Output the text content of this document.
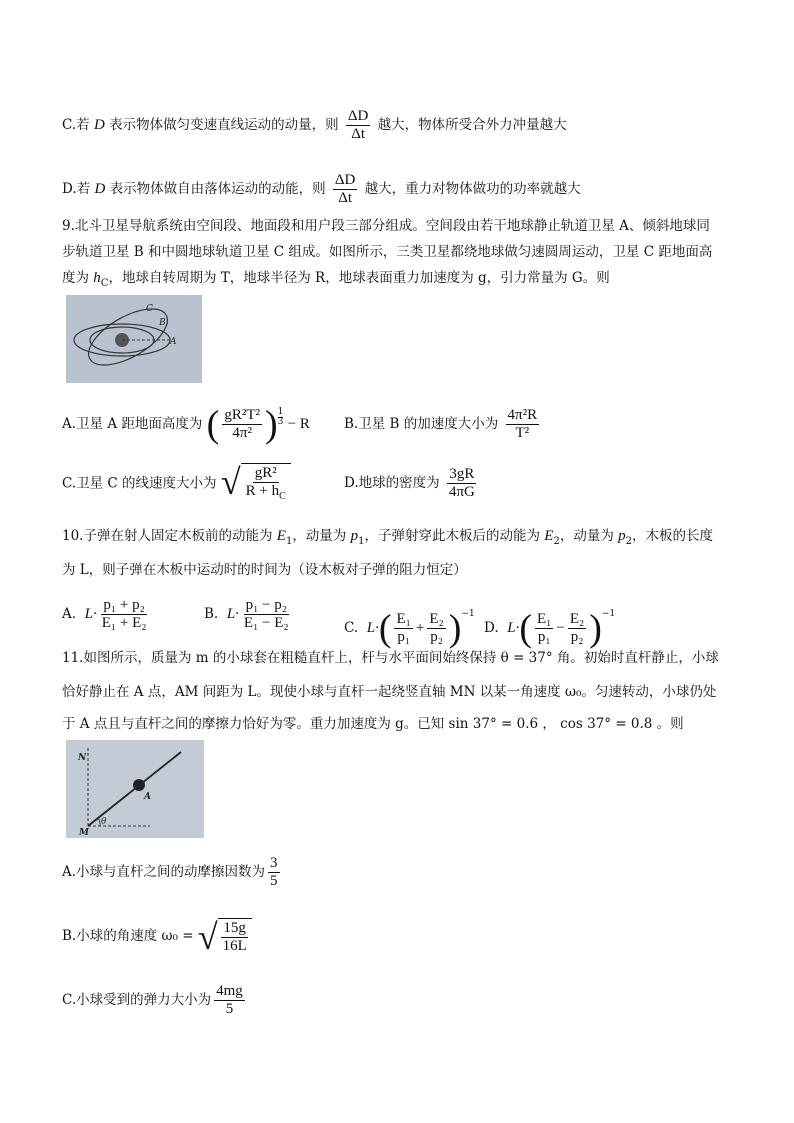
C.若 D 表示物体做匀变速直线运动的动量，则 $\frac{\Delta D}{\Delta t}$ 越大，物体所受合外力冲量越大
D.若 D 表示物体做自由落体运动的动能，则 $\frac{\Delta D}{\Delta t}$ 越大，重力对物体做功的功率就越大
9.北斗卫星导航系统由空间段、地面段和用户段三部分组成。空间段由若干地球静止轨道卫星 A、倾斜地球同
步轨道卫星 B 和中圆地球轨道卫星 C 组成。如图所示，三类卫星都绕地球做匀速圆周运动，卫星 C 距地面高
度为 $h_C$，地球自转周期为 T，地球半径为 R，地球表面重力加速度为 g，引力常量为 G。则
A
B
C
A.卫星 A 距地面高度为 ( $\frac{\text{gR²T²}}{\text{4π²}}$ ) $\frac{1}{3} - R$	B.卫星 B 的加速度大小为 $\frac{\text{4π²R}}{\text{T²}}$
C.卫星 C 的线速度大小为 √ $\frac{\text{gR²}}{R + h_C}$	D.地球的密度为 $\frac{3gR}{4\pi G}$
10.子弹在射人固定木板前的动能为 $E_1$，动量为 $p_1$，子弹射穿此木板后的动能为 $E_2$，动量为 $p_2$，木板的长度
为 L，则子弹在木板中运动时的时间为（设木板对子弹的阻力恒定）
A. $L\cdot \frac{\text{p₁ + p₂}}{\text{E₁ + E₂}}$	B. $L\cdot \frac{\text{p₁ − p₂}}{\text{E₁ − E₂}}$	C. $L\cdot( \frac{\text{E₁}}{\text{p₁}} + \frac{\text{E₂}}{\text{p₂}} )^{-1}$
D. $L\cdot( \frac{\text{E₁}}{\text{p₁}} - \frac{\text{E₂}}{\text{p₂}} )^{-1}$
11.如图所示，质量为 m 的小球套在粗糙直杆上，杆与水平面间始终保持 θ = 37° 角。初始时直杆静止，小球
恰好静止在 A 点，AM 间距为 L。现使小球与直杆一起绕竖直轴 MN 以某一角速度 ω₀。匀速转动，小球仍处
于 A 点且与直杆之间的摩擦力恰好为零。重力加速度为 g。已知 sin 37° = 0.6 ， cos 37° = 0.8 。则
N
A
M
θ
A.小球与直杆之间的动摩擦因数为 $\frac{3}{5}$
B.小球的角速度 ω₀ = √ $\frac{15g}{16L}$
C.小球受到的弹力大小为 $\frac{4mg}{5}$
